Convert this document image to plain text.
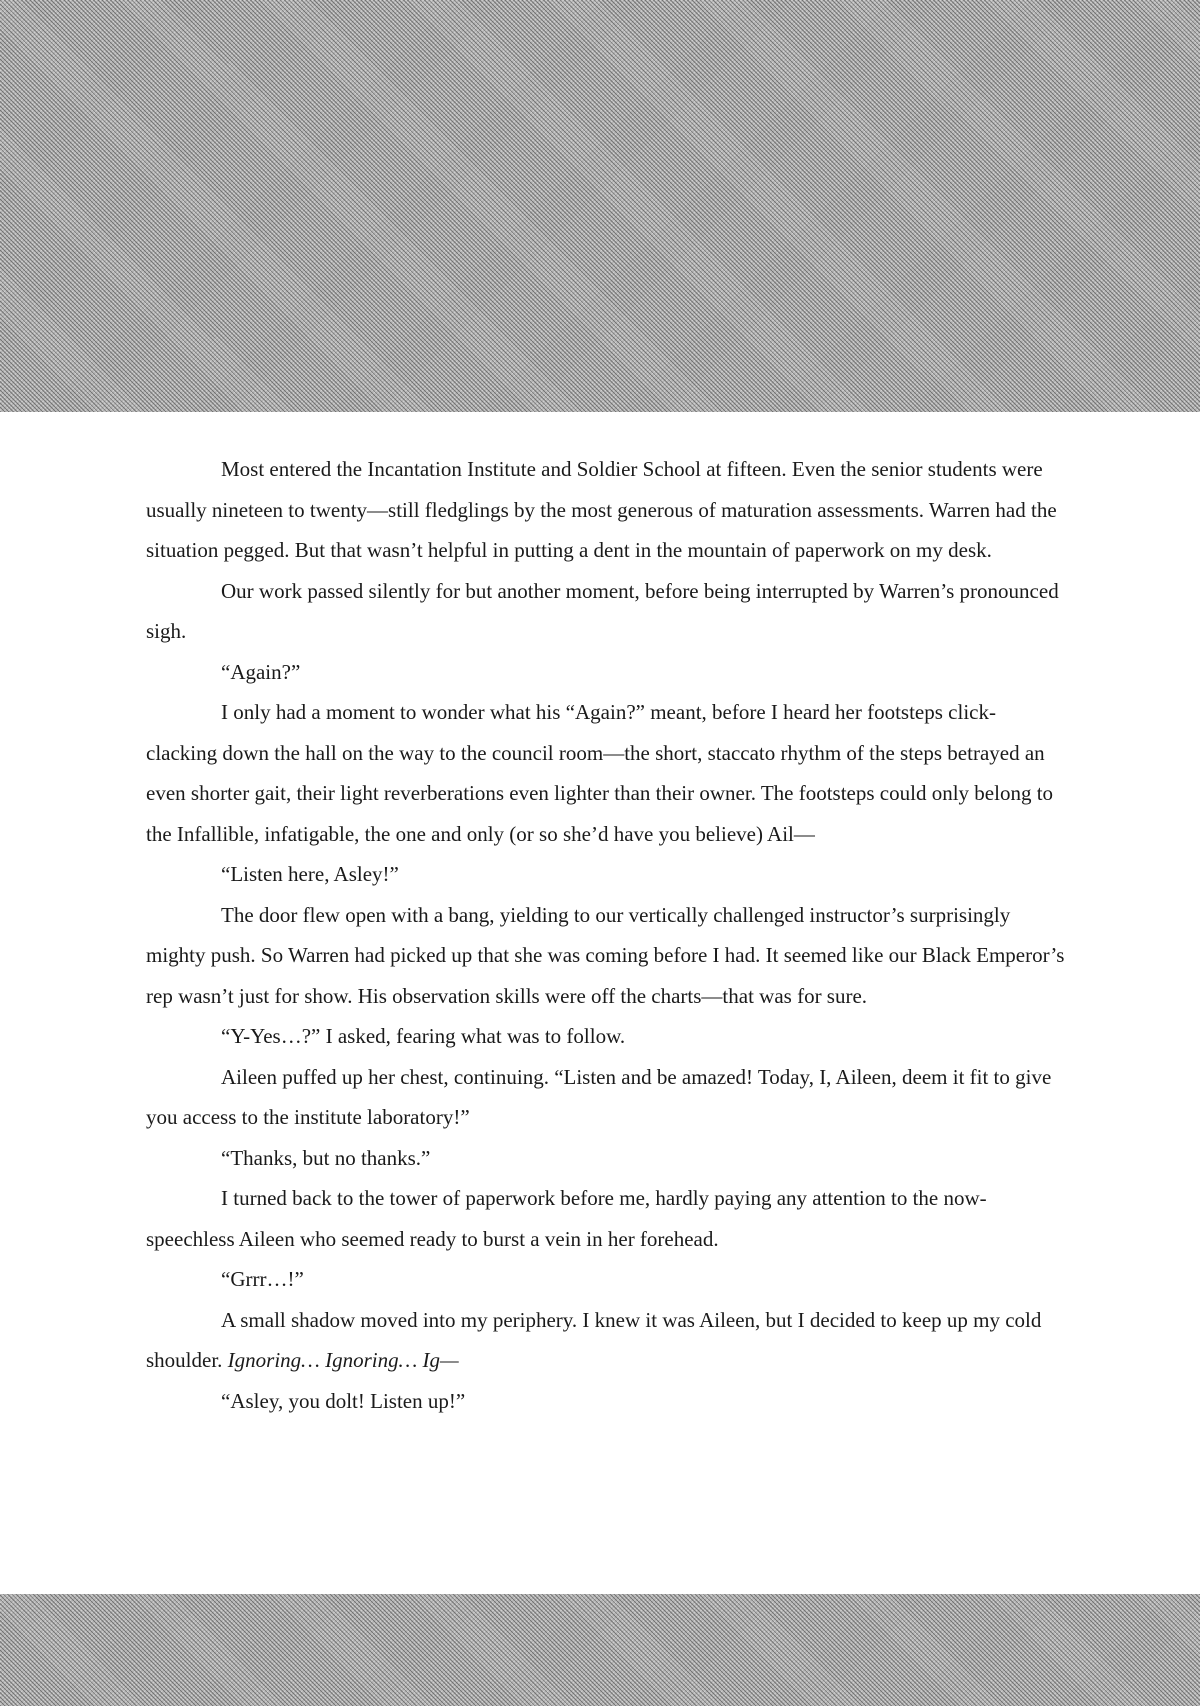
Most entered the Incantation Institute and Soldier School at fifteen. Even the senior students were usually nineteen to twenty—still fledglings by the most generous of maturation assessments. Warren had the situation pegged. But that wasn’t helpful in putting a dent in the mountain of paperwork on my desk.

Our work passed silently for but another moment, before being interrupted by Warren’s pronounced sigh.

“Again?”

I only had a moment to wonder what his “Again?” meant, before I heard her footsteps click-clacking down the hall on the way to the council room—the short, staccato rhythm of the steps betrayed an even shorter gait, their light reverberations even lighter than their owner. The footsteps could only belong to the Infallible, infatigable, the one and only (or so she’d have you believe) Ail—

“Listen here, Asley!”

The door flew open with a bang, yielding to our vertically challenged instructor’s surprisingly mighty push. So Warren had picked up that she was coming before I had. It seemed like our Black Emperor’s rep wasn’t just for show. His observation skills were off the charts—that was for sure.

“Y-Yes…?” I asked, fearing what was to follow.

Aileen puffed up her chest, continuing. “Listen and be amazed! Today, I, Aileen, deem it fit to give you access to the institute laboratory!”

“Thanks, but no thanks.”

I turned back to the tower of paperwork before me, hardly paying any attention to the now-speechless Aileen who seemed ready to burst a vein in her forehead.

“Grrr…!”

A small shadow moved into my periphery. I knew it was Aileen, but I decided to keep up my cold shoulder. Ignoring… Ignoring… Ig—

“Asley, you dolt! Listen up!”
